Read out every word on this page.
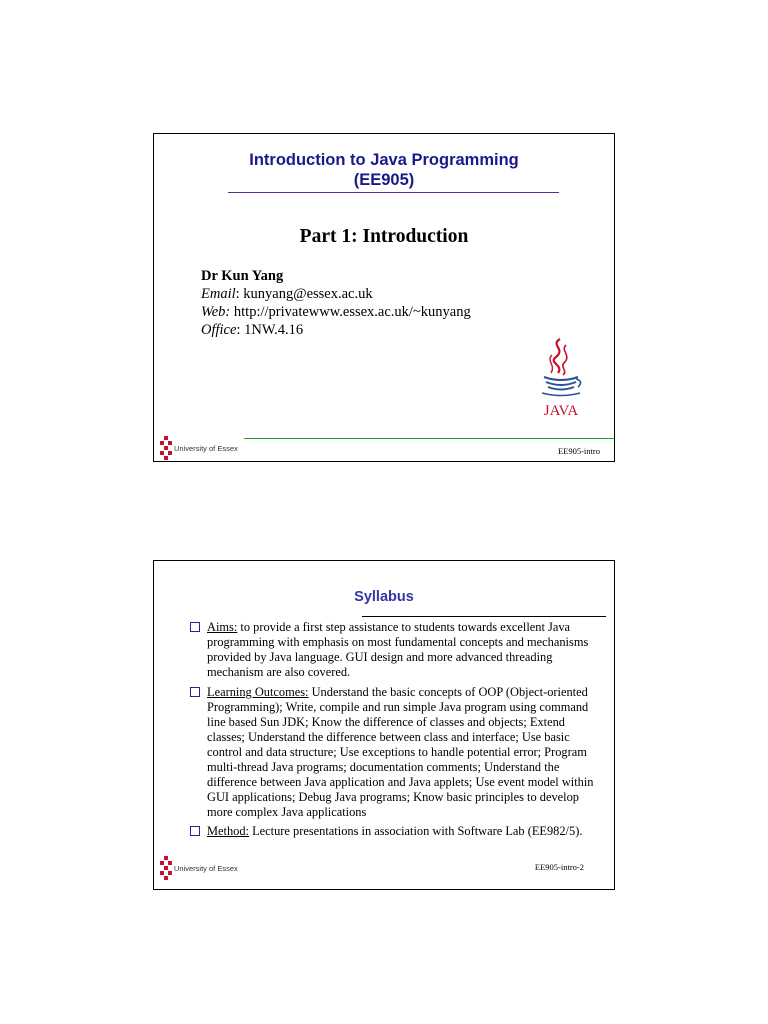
Introduction to Java Programming
(EE905)
Part 1: Introduction
Dr Kun Yang
Email: kunyang@essex.ac.uk
Web: http://privatewww.essex.ac.uk/~kunyang
Office: 1NW.4.16
JAVA
University of Essex	EE905-intro
Syllabus
Aims: to provide a first step assistance to students towards excellent Java programming with emphasis on most fundamental concepts and mechanisms provided by Java language. GUI design and more advanced threading mechanism are also covered.
Learning Outcomes: Understand the basic concepts of OOP (Object-oriented Programming); Write, compile and run simple Java program using command line based Sun JDK; Know the difference of classes and objects; Extend classes; Understand the difference between class and interface; Use basic control and data structure; Use exceptions to handle potential error; Program multi-thread Java programs; documentation comments; Understand the difference between Java application and Java applets; Use event model within GUI applications; Debug Java programs; Know basic principles to develop more complex Java applications
Method: Lecture presentations in association with Software Lab (EE982/5).
University of Essex	EE905-intro-2
